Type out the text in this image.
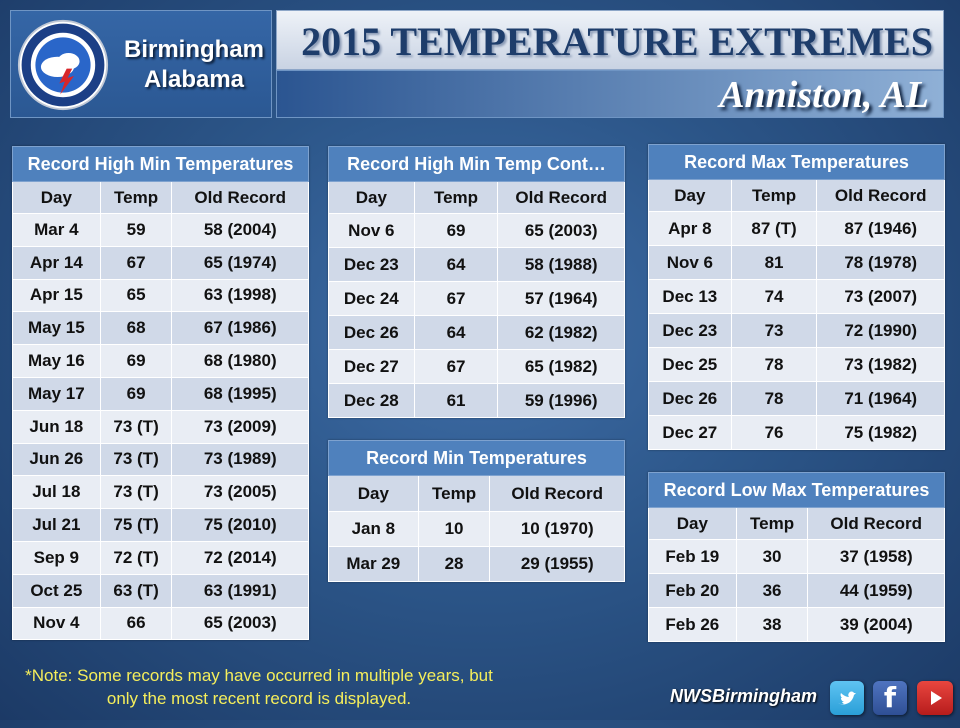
Birmingham
Alabama
2015 TEMPERATURE EXTREMES
Anniston, AL
Record High Min Temperatures		
Day	Temp	Old Record
Mar 4	59	58 (2004)
Apr 14	67	65 (1974)
Apr 15	65	63 (1998)
May 15	68	67 (1986)
May 16	69	68 (1980)
May 17	69	68 (1995)
Jun 18	73 (T)	73 (2009)
Jun 26	73 (T)	73 (1989)
Jul 18	73 (T)	73 (2005)
Jul 21	75 (T)	75 (2010)
Sep 9	72 (T)	72 (2014)
Oct 25	63 (T)	63 (1991)
Nov 4	66	65 (2003)
Record High Min Temp Cont…		
Day	Temp	Old Record
Nov 6	69	65 (2003)
Dec 23	64	58 (1988)
Dec 24	67	57 (1964)
Dec 26	64	62 (1982)
Dec 27	67	65 (1982)
Dec 28	61	59 (1996)
Record Min Temperatures		
Day	Temp	Old Record
Jan 8	10	10 (1970)
Mar 29	28	29 (1955)
Record Max Temperatures		
Day	Temp	Old Record
Apr 8	87 (T)	87 (1946)
Nov 6	81	78 (1978)
Dec 13	74	73 (2007)
Dec 23	73	72 (1990)
Dec 25	78	73 (1982)
Dec 26	78	71 (1964)
Dec 27	76	75 (1982)
Record Low Max Temperatures		
Day	Temp	Old Record
Feb 19	30	37 (1958)
Feb 20	36	44 (1959)
Feb 26	38	39 (2004)
*Note: Some records may have occurred in multiple years, but only the most recent record is displayed.	NWSBirmingham	f
